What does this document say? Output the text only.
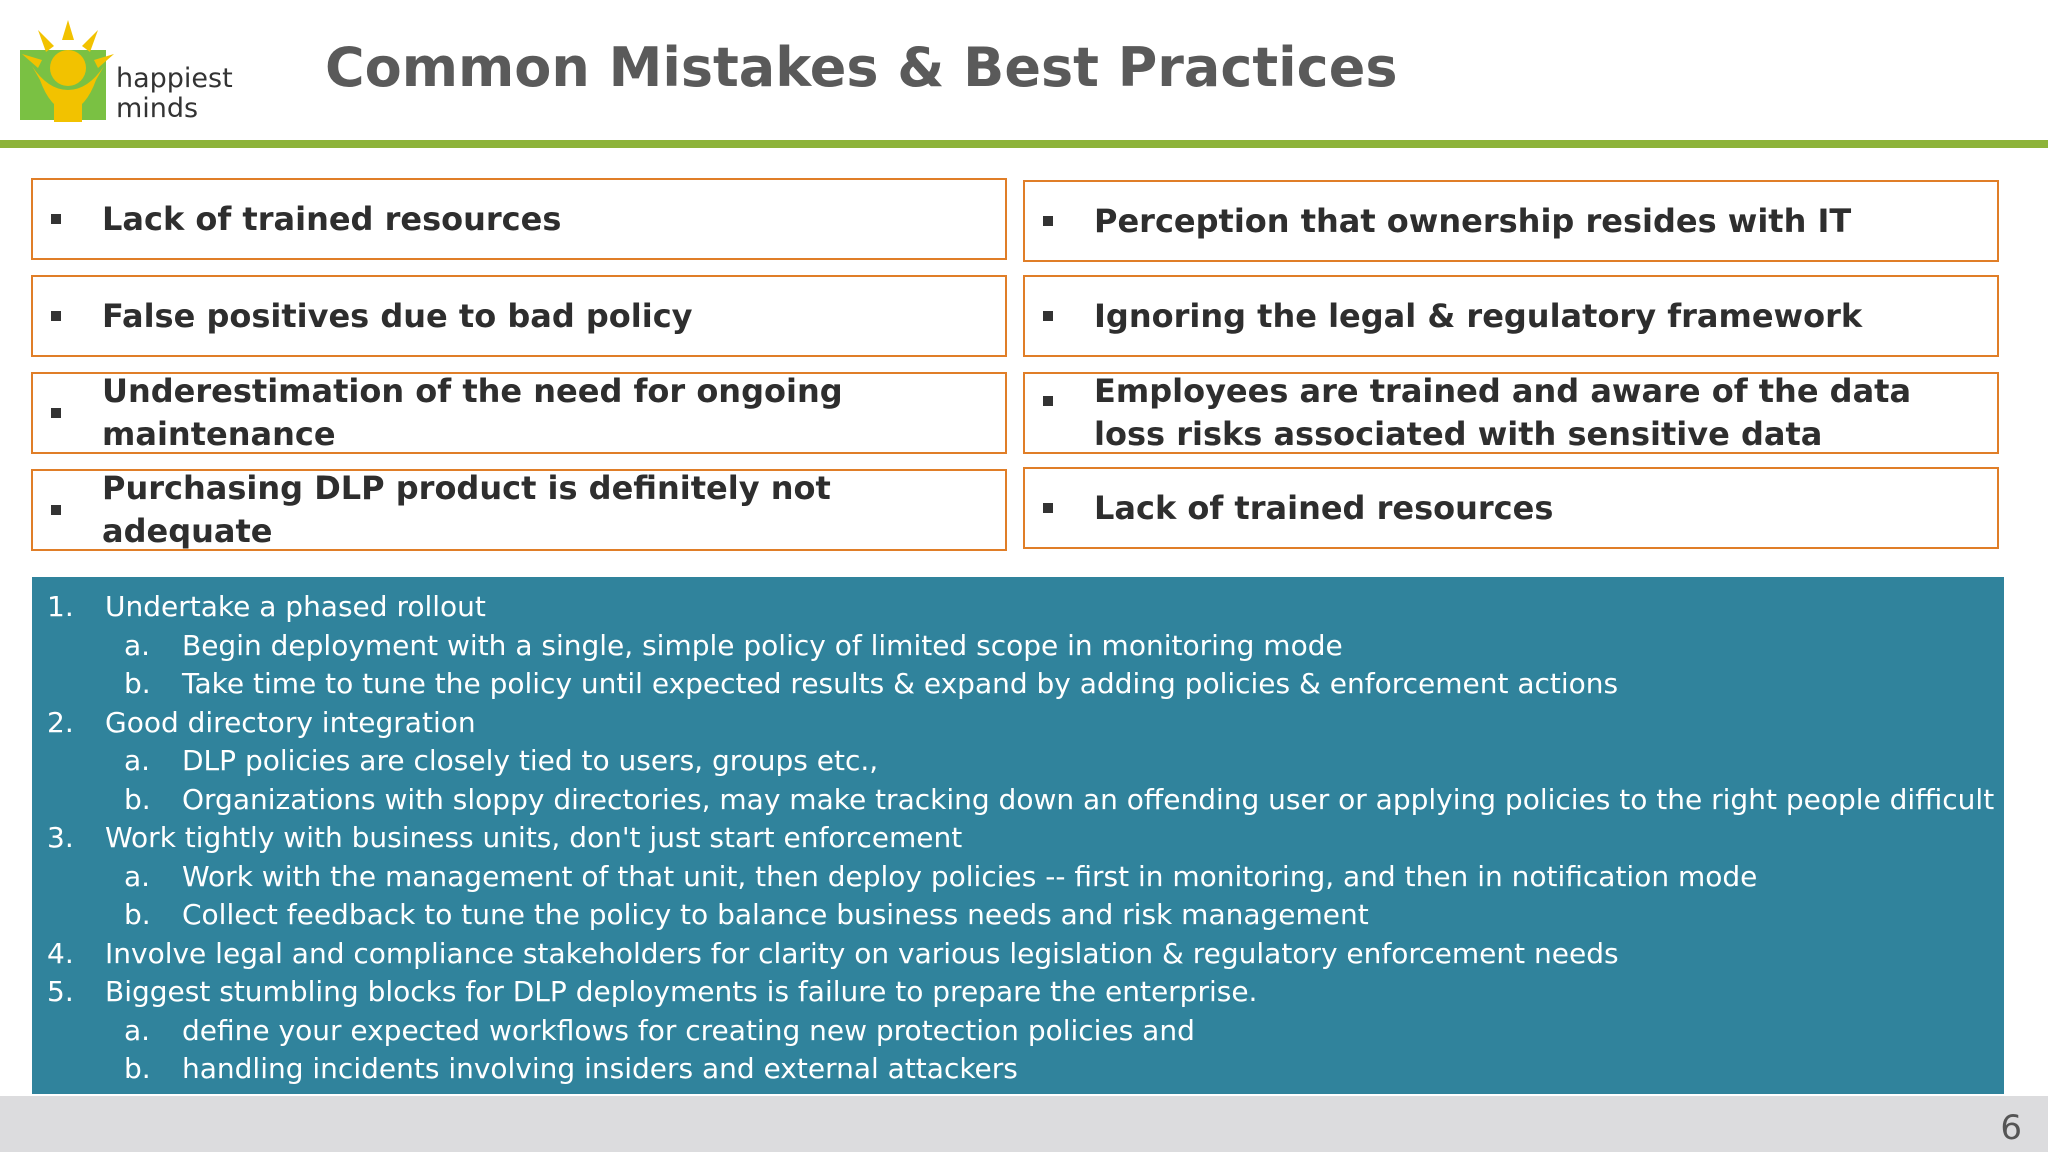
happiest
minds
Common Mistakes & Best Practices
Lack of trained resources
False positives due to bad policy
Underestimation of the need for ongoing maintenance
Purchasing DLP product is definitely not adequate
Perception that ownership resides with IT
Ignoring the legal & regulatory framework
Employees are trained and aware of the data loss risks associated with sensitive data
Lack of trained resources
1. Undertake a phased rollout
a. Begin deployment with a single, simple policy of limited scope in monitoring mode
b. Take time to tune the policy until expected results & expand by adding policies & enforcement actions
2. Good directory integration
a. DLP policies are closely tied to users, groups etc.,
b. Organizations with sloppy directories, may make tracking down an offending user or applying policies to the right people difficult
3. Work tightly with business units, don't just start enforcement
a. Work with the management of that unit, then deploy policies -- first in monitoring, and then in notification mode
b. Collect feedback to tune the policy to balance business needs and risk management
4. Involve legal and compliance stakeholders for clarity on various legislation & regulatory enforcement needs
5. Biggest stumbling blocks for DLP deployments is failure to prepare the enterprise.
a. define your expected workflows for creating new protection policies and
b. handling incidents involving insiders and external attackers
6
